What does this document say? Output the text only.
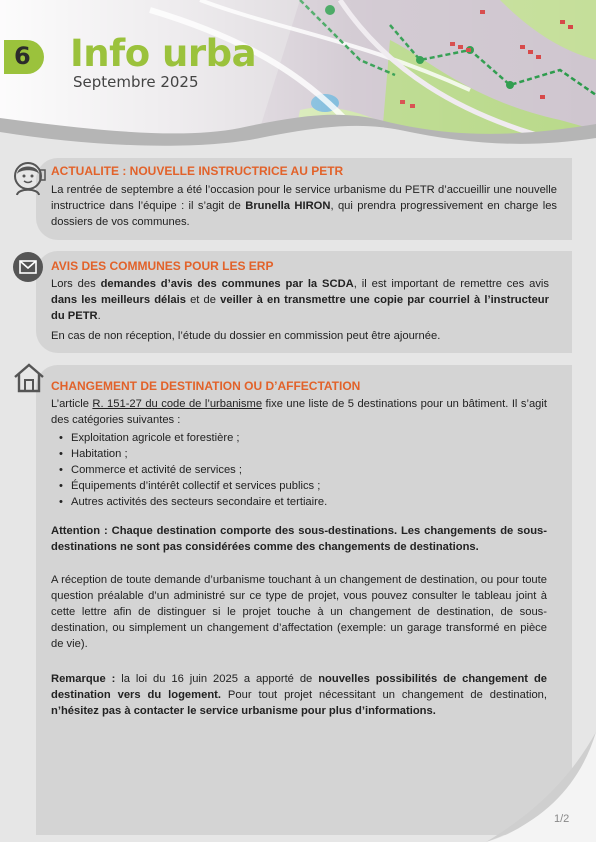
6 Info urba
Septembre 2025
ACTUALITE : NOUVELLE INSTRUCTRICE AU PETR

La rentrée de septembre a été l’occasion pour le service urbanisme du PETR d’accueillir une nouvelle instructrice dans l’équipe : il s’agit de Brunella HIRON, qui prendra progressivement en charge les dossiers de vos communes.

AVIS DES COMMUNES POUR LES ERP

Lors des demandes d’avis des communes par la SCDA, il est important de remettre ces avis dans les meilleurs délais et de veiller à en transmettre une copie par courriel à l’instructeur du PETR.

En cas de non réception, l’étude du dossier en commission peut être ajournée.

CHANGEMENT DE DESTINATION OU D’AFFECTATION

L’article R. 151-27 du code de l’urbanisme fixe une liste de 5 destinations pour un bâtiment. Il s’agit des catégories suivantes :

• Exploitation agricole et forestière ;
• Habitation ;
• Commerce et activité de services ;
• Équipements d’intérêt collectif et services publics ;
• Autres activités des secteurs secondaire et tertiaire.

Attention : Chaque destination comporte des sous-destinations. Les changements de sous-destinations ne sont pas considérées comme des changements de destinations.

A réception de toute demande d’urbanisme touchant à un changement de destination, ou pour toute question préalable d’un administré sur ce type de projet, vous pouvez consulter le tableau joint à cette lettre afin de distinguer si le projet touche à un changement de destination, de sous-destination, ou simplement un changement d’affectation (exemple: un garage transformé en pièce de vie).

Remarque : la loi du 16 juin 2025 a apporté de nouvelles possibilités de changement de destination vers du logement. Pour tout projet nécessitant un changement de destination, n’hésitez pas à contacter le service urbanisme pour plus d’informations.

1/2
